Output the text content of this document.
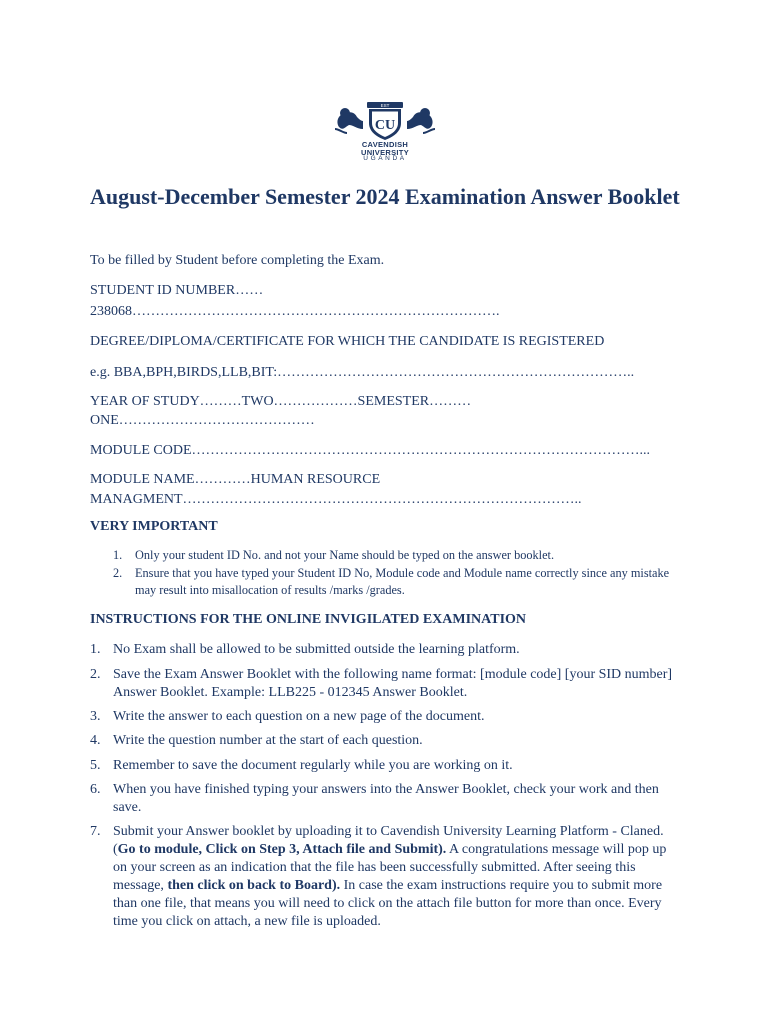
EST
CU
CAVENDISH
UNIVERSITY
UGANDA
August-December Semester 2024 Examination Answer Booklet
To be filled by Student before completing the Exam.
STUDENT ID NUMBER……
238068…………………………………………………………………….
DEGREE/DIPLOMA/CERTIFICATE FOR WHICH THE CANDIDATE IS REGISTERED
e.g. BBA,BPH,BIRDS,LLB,BIT:…………………………………………………………………..
YEAR OF STUDY………TWO………………SEMESTER………
ONE……………………………………
MODULE CODE……………………………………………………………………………………...
MODULE NAME…………HUMAN RESOURCE
MANAGMENT…………………………………………………………………………..
VERY IMPORTANT
1. Only your student ID No. and not your Name should be typed on the answer booklet.
2. Ensure that you have typed your Student ID No, Module code and Module name correctly since any mistake may result into misallocation of results /marks /grades.
INSTRUCTIONS FOR THE ONLINE INVIGILATED EXAMINATION
1. No Exam shall be allowed to be submitted outside the learning platform.
2. Save the Exam Answer Booklet with the following name format: [module code] [your SID number] Answer Booklet. Example: LLB225 - 012345 Answer Booklet.
3. Write the answer to each question on a new page of the document.
4. Write the question number at the start of each question.
5. Remember to save the document regularly while you are working on it.
6. When you have finished typing your answers into the Answer Booklet, check your work and then save.
7. Submit your Answer booklet by uploading it to Cavendish University Learning Platform - Claned. (Go to module, Click on Step 3, Attach file and Submit). A congratulations message will pop up on your screen as an indication that the file has been successfully submitted. After seeing this message, then click on back to Board). In case the exam instructions require you to submit more than one file, that means you will need to click on the attach file button for more than once. Every time you click on attach, a new file is uploaded.
